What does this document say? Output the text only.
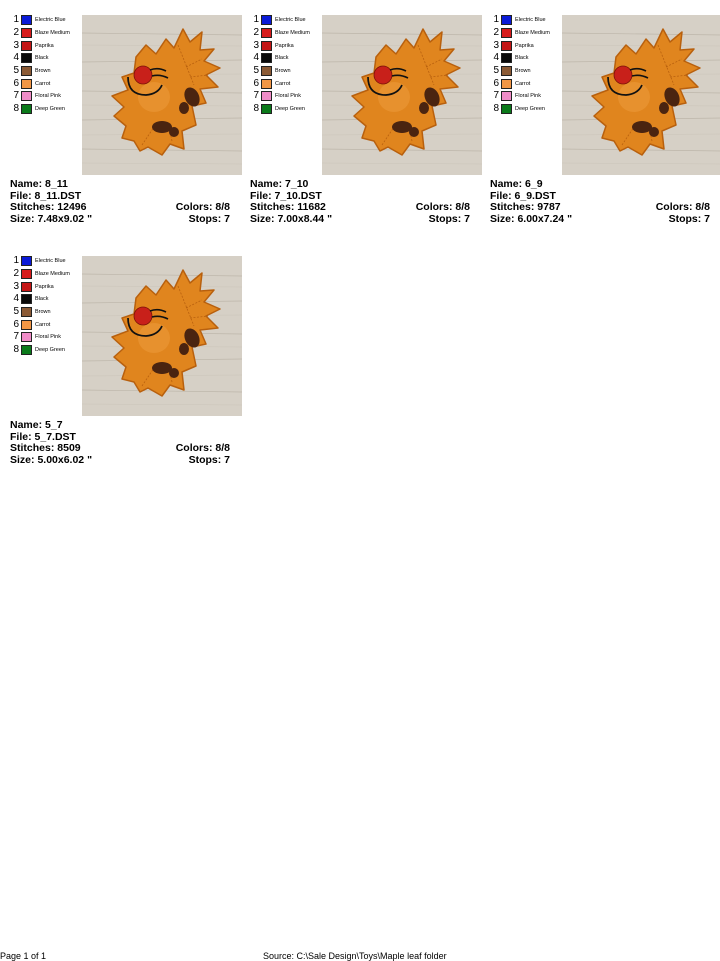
1	Electric Blue
2	Blaze Medium
3	Paprika
4	Black
5	Brown
6	Carrot
7	Floral Pink
8	Deep Green
Name: 8_11
File: 8_11.DST
Stitches: 12496	Colors: 8/8
Size: 7.48x9.02 "	Stops: 7
1	Electric Blue
2	Blaze Medium
3	Paprika
4	Black
5	Brown
6	Carrot
7	Floral Pink
8	Deep Green
Name: 7_10
File: 7_10.DST
Stitches: 11682	Colors: 8/8
Size: 7.00x8.44 "	Stops: 7
1	Electric Blue
2	Blaze Medium
3	Paprika
4	Black
5	Brown
6	Carrot
7	Floral Pink
8	Deep Green
Name: 6_9
File: 6_9.DST
Stitches: 9787	Colors: 8/8
Size: 6.00x7.24 "	Stops: 7
1	Electric Blue
2	Blaze Medium
3	Paprika
4	Black
5	Brown
6	Carrot
7	Floral Pink
8	Deep Green
Name: 5_7
File: 5_7.DST
Stitches: 8509	Colors: 8/8
Size: 5.00x6.02 "	Stops: 7
Page 1 of 1	Source: C:\Sale Design\Toys\Maple leaf folder
